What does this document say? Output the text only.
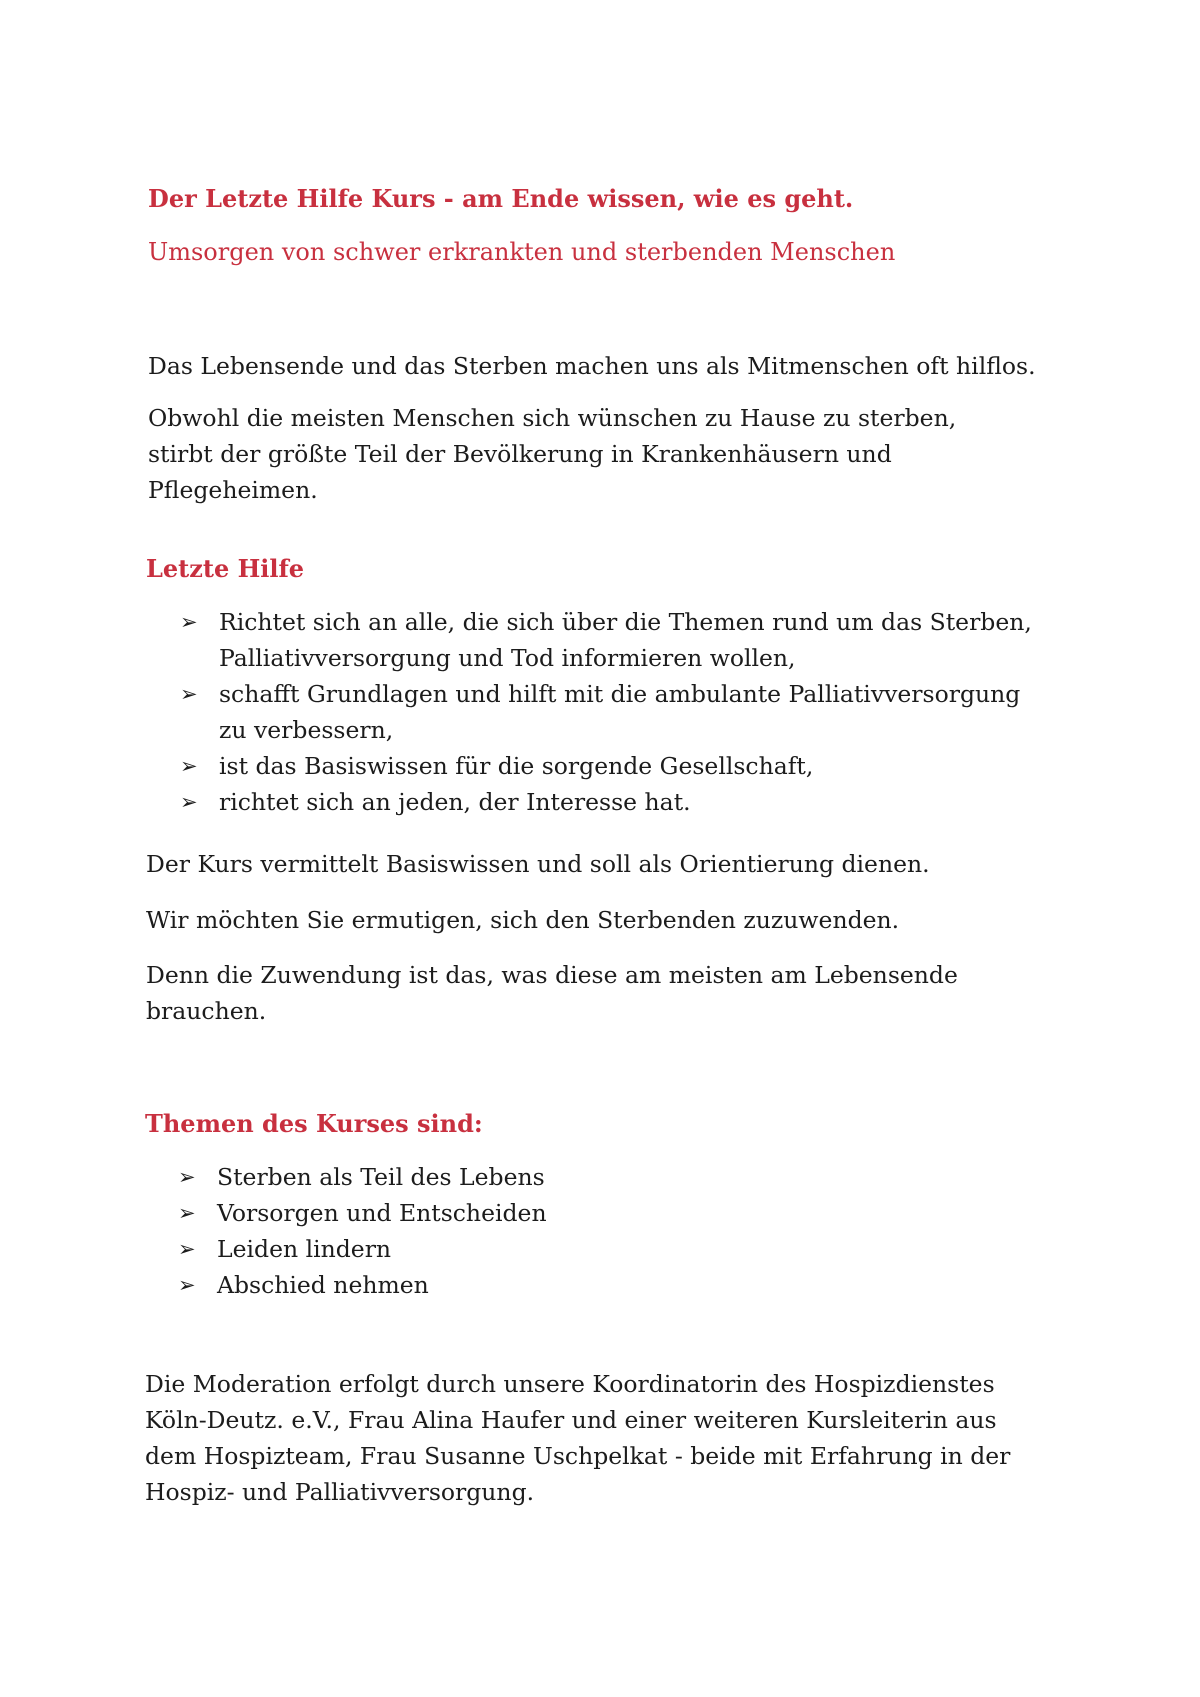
Der Letzte Hilfe Kurs - am Ende wissen, wie es geht.
Umsorgen von schwer erkrankten und sterbenden Menschen

Das Lebensende und das Sterben machen uns als Mitmenschen oft hilflos.

Obwohl die meisten Menschen sich wünschen zu Hause zu sterben, stirbt der größte Teil der Bevölkerung in Krankenhäusern und Pflegeheimen.

Letzte Hilfe
➢ Richtet sich an alle, die sich über die Themen rund um das Sterben, Palliativversorgung und Tod informieren wollen,
➢ schafft Grundlagen und hilft mit die ambulante Palliativversorgung zu verbessern,
➢ ist das Basiswissen für die sorgende Gesellschaft,
➢ richtet sich an jeden, der Interesse hat.

Der Kurs vermittelt Basiswissen und soll als Orientierung dienen.

Wir möchten Sie ermutigen, sich den Sterbenden zuzuwenden.

Denn die Zuwendung ist das, was diese am meisten am Lebensende brauchen.

Themen des Kurses sind:
➢ Sterben als Teil des Lebens
➢ Vorsorgen und Entscheiden
➢ Leiden lindern
➢ Abschied nehmen

Die Moderation erfolgt durch unsere Koordinatorin des Hospizdienstes Köln-Deutz. e.V., Frau Alina Haufer und einer weiteren Kursleiterin aus dem Hospizteam, Frau Susanne Uschpelkat - beide mit Erfahrung in der Hospiz- und Palliativversorgung.
